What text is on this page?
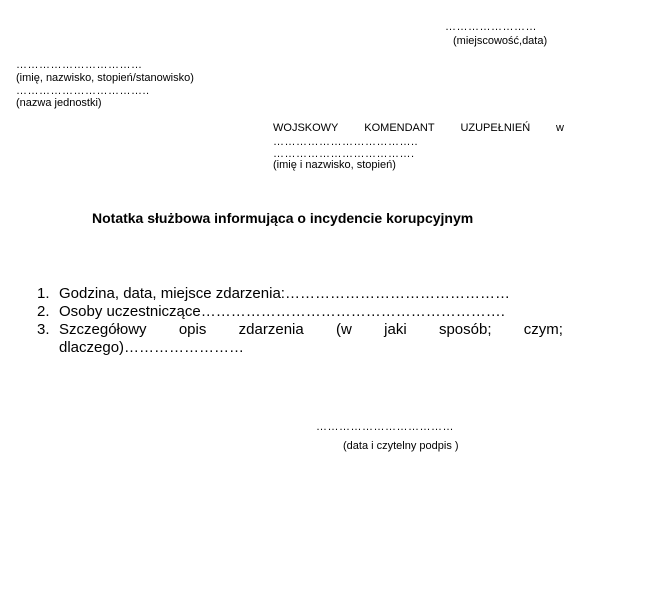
……………………
(miejscowość,data)
……………………………
(imię, nazwisko, stopień/stanowisko)
……………………………..
(nazwa jednostki)
WOJSKOWY KOMENDANT UZUPEŁNIEŃ w
………………………………..
……………………………….
(imię i nazwisko, stopień)
Notatka służbowa informująca o incydencie korupcyjnym
1. Godzina, data, miejsce zdarzenia:………………………………………
2. Osoby uczestniczące…………………………………………………….
3. Szczegółowy opis zdarzenia (w jaki sposób; czym;
dlaczego)……………………
………………………………
(data i czytelny podpis )
